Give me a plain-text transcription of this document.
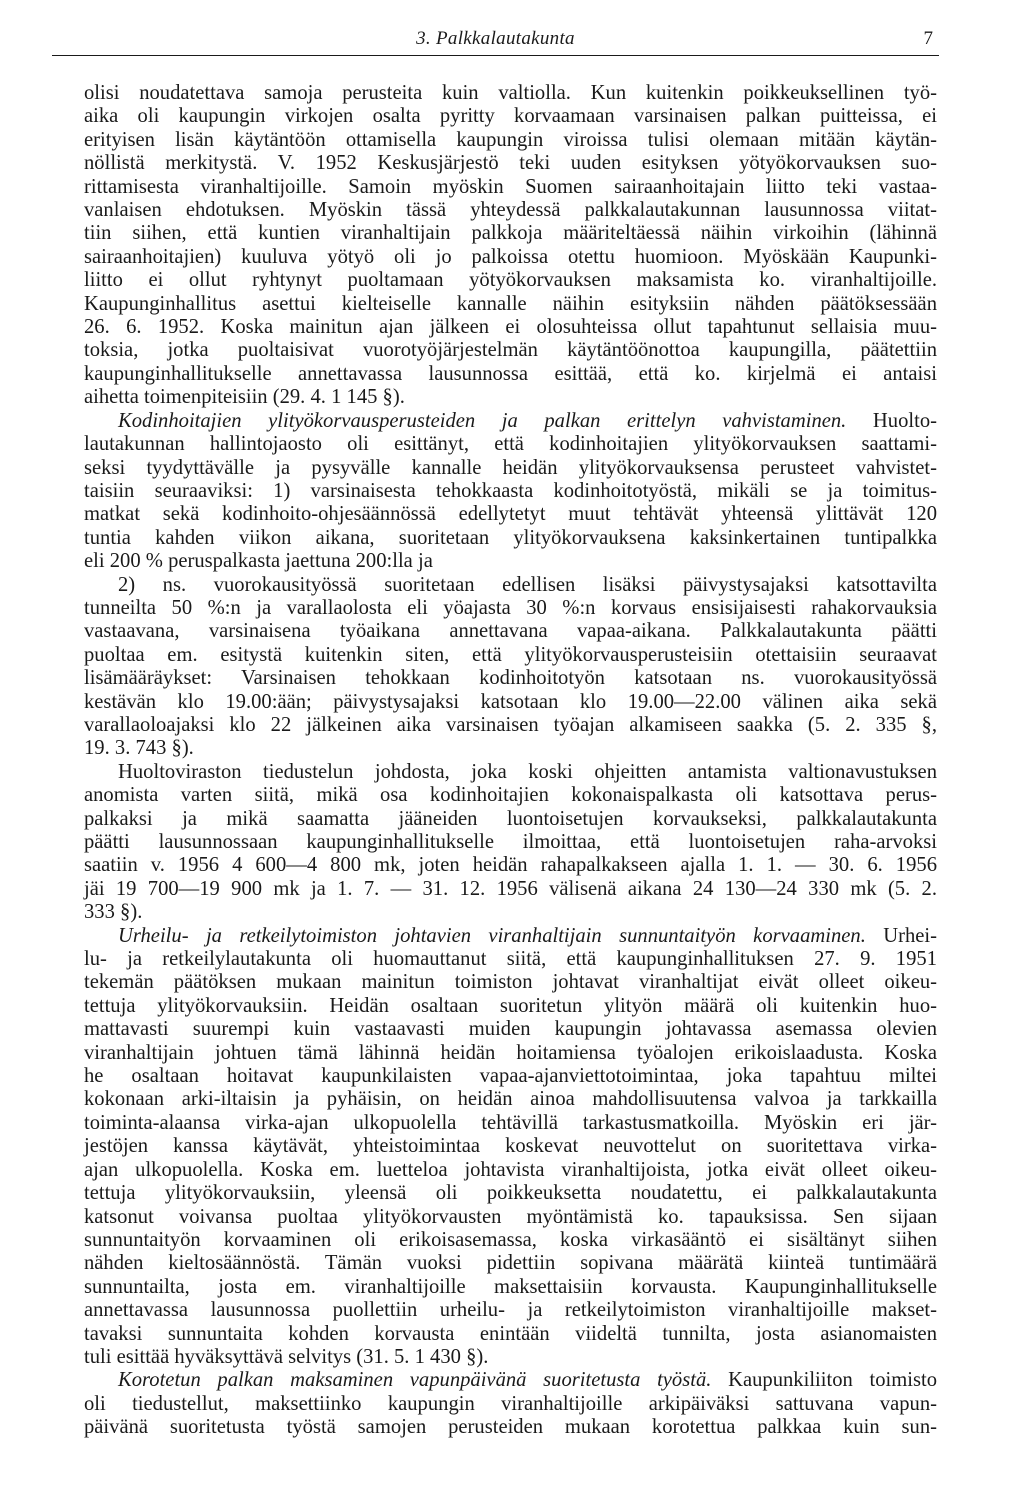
3. Palkkalautakunta	7
olisi noudatettava samoja perusteita kuin valtiolla. Kun kuitenkin poikkeuksellinen työ-
aika oli kaupungin virkojen osalta pyritty korvaamaan varsinaisen palkan puitteissa, ei
erityisen lisän käytäntöön ottamisella kaupungin viroissa tulisi olemaan mitään käytän-
nöllistä merkitystä. V. 1952 Keskusjärjestö teki uuden esityksen yötyökorvauksen suo-
rittamisesta viranhaltijoille. Samoin myöskin Suomen sairaanhoitajain liitto teki vastaa-
vanlaisen ehdotuksen. Myöskin tässä yhteydessä palkkalautakunnan lausunnossa viitat-
tiin siihen, että kuntien viranhaltijain palkkoja määriteltäessä näihin virkoihin (lähinnä
sairaanhoitajien) kuuluva yötyö oli jo palkoissa otettu huomioon. Myöskään Kaupunki-
liitto ei ollut ryhtynyt puoltamaan yötyökorvauksen maksamista ko. viranhaltijoille.
Kaupunginhallitus asettui kielteiselle kannalle näihin esityksiin nähden päätöksessään
26. 6. 1952. Koska mainitun ajan jälkeen ei olosuhteissa ollut tapahtunut sellaisia muu-
toksia, jotka puoltaisivat vuorotyöjärjestelmän käytäntöönottoa kaupungilla, päätettiin
kaupunginhallitukselle annettavassa lausunnossa esittää, että ko. kirjelmä ei antaisi
aihetta toimenpiteisiin (29. 4. 1 145 §).
Kodinhoitajien ylityökorvausperusteiden ja palkan erittelyn vahvistaminen. Huolto-
lautakunnan hallintojaosto oli esittänyt, että kodinhoitajien ylityökorvauksen saattami-
seksi tyydyttävälle ja pysyvälle kannalle heidän ylityökorvauksensa perusteet vahvistet-
taisiin seuraaviksi: 1) varsinaisesta tehokkaasta kodinhoitotyöstä, mikäli se ja toimitus-
matkat sekä kodinhoito-ohjesäännössä edellytetyt muut tehtävät yhteensä ylittävät 120
tuntia kahden viikon aikana, suoritetaan ylityökorvauksena kaksinkertainen tuntipalkka
eli 200 % peruspalkasta jaettuna 200:lla ja
2) ns. vuorokausityössä suoritetaan edellisen lisäksi päivystysajaksi katsottavilta
tunneilta 50 %:n ja varallaolosta eli yöajasta 30 %:n korvaus ensisijaisesti rahakorvauksia
vastaavana, varsinaisena työaikana annettavana vapaa-aikana. Palkkalautakunta päätti
puoltaa em. esitystä kuitenkin siten, että ylityökorvausperusteisiin otettaisiin seuraavat
lisämääräykset: Varsinaisen tehokkaan kodinhoitotyön katsotaan ns. vuorokausityössä
kestävän klo 19.00:ään; päivystysajaksi katsotaan klo 19.00—22.00 välinen aika sekä
varallaoloajaksi klo 22 jälkeinen aika varsinaisen työajan alkamiseen saakka (5. 2. 335 §,
19. 3. 743 §).
Huoltoviraston tiedustelun johdosta, joka koski ohjeitten antamista valtionavustuksen
anomista varten siitä, mikä osa kodinhoitajien kokonaispalkasta oli katsottava perus-
palkaksi ja mikä saamatta jääneiden luontoisetujen korvaukseksi, palkkalautakunta
päätti lausunnossaan kaupunginhallitukselle ilmoittaa, että luontoisetujen raha-arvoksi
saatiin v. 1956 4 600—4 800 mk, joten heidän rahapalkakseen ajalla 1. 1. — 30. 6. 1956
jäi 19 700—19 900 mk ja 1. 7. — 31. 12. 1956 välisenä aikana 24 130—24 330 mk (5. 2.
333 §).
Urheilu- ja retkeilytoimiston johtavien viranhaltijain sunnuntaityön korvaaminen. Urhei-
lu- ja retkeilylautakunta oli huomauttanut siitä, että kaupunginhallituksen 27. 9. 1951
tekemän päätöksen mukaan mainitun toimiston johtavat viranhaltijat eivät olleet oikeu-
tettuja ylityökorvauksiin. Heidän osaltaan suoritetun ylityön määrä oli kuitenkin huo-
mattavasti suurempi kuin vastaavasti muiden kaupungin johtavassa asemassa olevien
viranhaltijain johtuen tämä lähinnä heidän hoitamiensa työalojen erikoislaadusta. Koska
he osaltaan hoitavat kaupunkilaisten vapaa-ajanviettotoimintaa, joka tapahtuu miltei
kokonaan arki-iltaisin ja pyhäisin, on heidän ainoa mahdollisuutensa valvoa ja tarkkailla
toiminta-alaansa virka-ajan ulkopuolella tehtävillä tarkastusmatkoilla. Myöskin eri jär-
jestöjen kanssa käytävät, yhteistoimintaa koskevat neuvottelut on suoritettava virka-
ajan ulkopuolella. Koska em. luetteloa johtavista viranhaltijoista, jotka eivät olleet oikeu-
tettuja ylityökorvauksiin, yleensä oli poikkeuksetta noudatettu, ei palkkalautakunta
katsonut voivansa puoltaa ylityökorvausten myöntämistä ko. tapauksissa. Sen sijaan
sunnuntaityön korvaaminen oli erikoisasemassa, koska virkasääntö ei sisältänyt siihen
nähden kieltosäännöstä. Tämän vuoksi pidettiin sopivana määrätä kiinteä tuntimäärä
sunnuntailta, josta em. viranhaltijoille maksettaisiin korvausta. Kaupunginhallitukselle
annettavassa lausunnossa puollettiin urheilu- ja retkeilytoimiston viranhaltijoille makset-
tavaksi sunnuntaita kohden korvausta enintään viideltä tunnilta, josta asianomaisten
tuli esittää hyväksyttävä selvitys (31. 5. 1 430 §).
Korotetun palkan maksaminen vapunpäivänä suoritetusta työstä. Kaupunkiliiton toimisto
oli tiedustellut, maksettiinko kaupungin viranhaltijoille arkipäiväksi sattuvana vapun-
päivänä suoritetusta työstä samojen perusteiden mukaan korotettua palkkaa kuin sun-
